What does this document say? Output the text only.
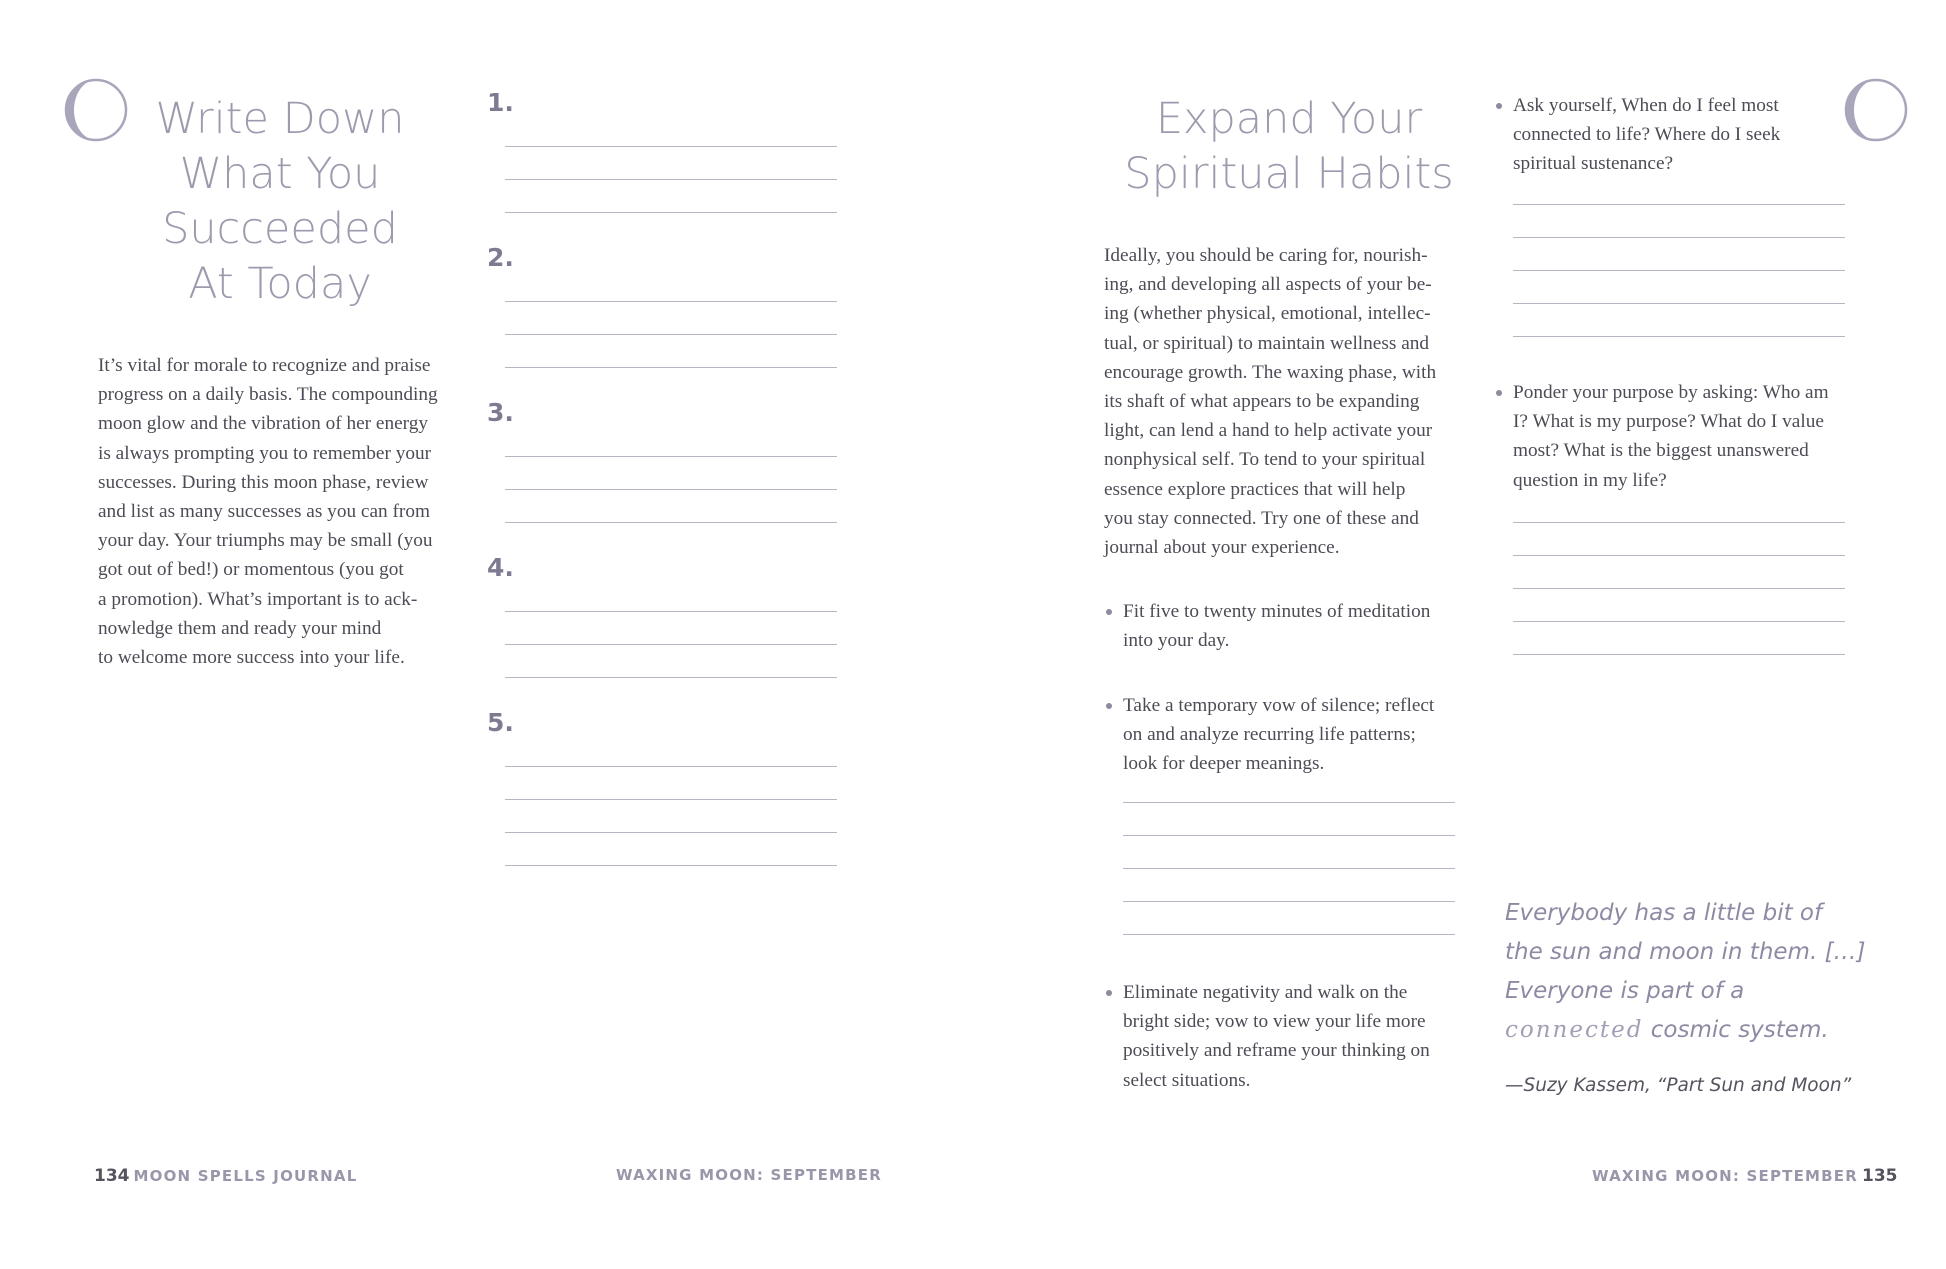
Write Down
What You
Succeeded
At Today
It’s vital for morale to recognize and praise
progress on a daily basis. The compounding
moon glow and the vibration of her energy
is always prompting you to remember your
successes. During this moon phase, review
and list as many successes as you can from
your day. Your triumphs may be small (you
got out of bed!) or momentous (you got
a promotion). What’s important is to ack-
nowledge them and ready your mind
to welcome more success into your life.
1.
2.
3.
4.
5.
134 MOON SPELLS JOURNAL	WAXING MOON: SEPTEMBER
Expand Your
Spiritual Habits
Ideally, you should be caring for, nourish-
ing, and developing all aspects of your be-
ing (whether physical, emotional, intellec-
tual, or spiritual) to maintain wellness and
encourage growth. The waxing phase, with
its shaft of what appears to be expanding
light, can lend a hand to help activate your
nonphysical self. To tend to your spiritual
essence explore practices that will help
you stay connected. Try one of these and
journal about your experience.
Fit five to twenty minutes of meditation
into your day.
Take a temporary vow of silence; reflect
on and analyze recurring life patterns;
look for deeper meanings.
Eliminate negativity and walk on the
bright side; vow to view your life more
positively and reframe your thinking on
select situations.
Ask yourself, When do I feel most
connected to life? Where do I seek
spiritual sustenance?
Ponder your purpose by asking: Who am
I? What is my purpose? What do I value
most? What is the biggest unanswered
question in my life?
Everybody has a little bit of
the sun and moon in them. […]
Everyone is part of a
connected cosmic system.
—Suzy Kassem, “Part Sun and Moon”
WAXING MOON: SEPTEMBER 135
